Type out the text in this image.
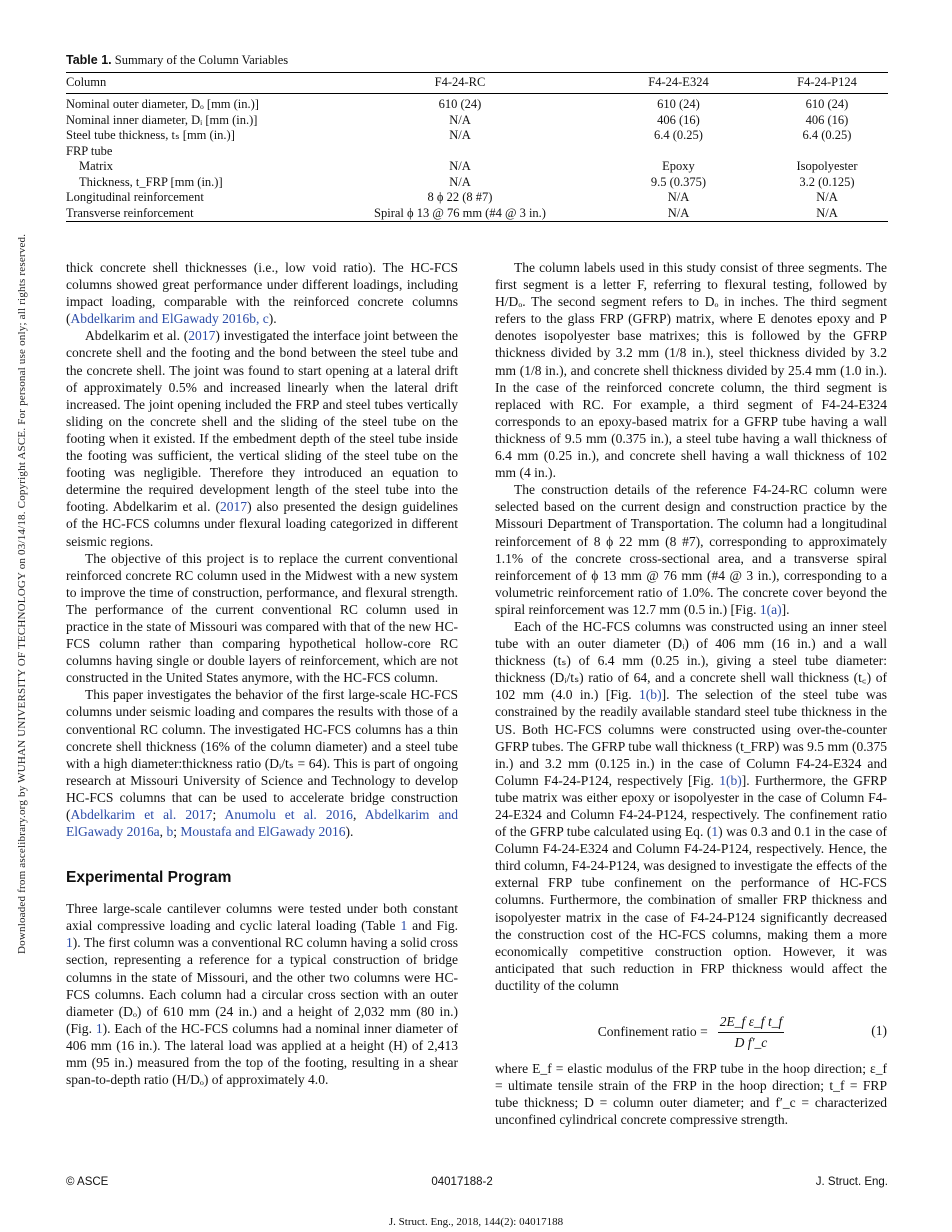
Downloaded from ascelibrary.org by WUHAN UNIVERSITY OF TECHNOLOGY on 03/14/18. Copyright ASCE. For personal use only; all rights reserved.
Table 1. Summary of the Column Variables
Column	F4-24-RC	F4-24-E324	F4-24-P124
Nominal outer diameter, Dₒ [mm (in.)]	610 (24)	610 (24)	610 (24)
Nominal inner diameter, Dᵢ [mm (in.)]	N/A	406 (16)	406 (16)
Steel tube thickness, tₛ [mm (in.)]	N/A	6.4 (0.25)	6.4 (0.25)
FRP tube			
Matrix	N/A	Epoxy	Isopolyester
Thickness, t_FRP [mm (in.)]	N/A	9.5 (0.375)	3.2 (0.125)
Longitudinal reinforcement	8 ϕ 22 (8 #7)	N/A	N/A
Transverse reinforcement	Spiral ϕ 13 @ 76 mm (#4 @ 3 in.)	N/A	N/A

thick concrete shell thicknesses (i.e., low void ratio). The HC-FCS columns showed great performance under different loadings, including impact loading, comparable with the reinforced concrete columns (Abdelkarim and ElGawady 2016b, c).

Abdelkarim et al. (2017) investigated the interface joint between the concrete shell and the footing and the bond between the steel tube and the concrete shell. The joint was found to start opening at a lateral drift of approximately 0.5% and increased linearly when the lateral drift increased. The joint opening included the FRP and steel tubes vertically sliding on the concrete shell and the sliding of the steel tube on the footing when it existed. If the embedment depth of the steel tube inside the footing was sufficient, the vertical sliding of the steel tube on the footing was negligible. Therefore they introduced an equation to determine the required development length of the steel tube into the footing. Abdelkarim et al. (2017) also presented the design guidelines of the HC-FCS columns under flexural loading categorized in different seismic regions.

The objective of this project is to replace the current conventional reinforced concrete RC column used in the Midwest with a new system to improve the time of construction, performance, and flexural strength. The performance of the current conventional RC column used in practice in the state of Missouri was compared with that of the new HC-FCS column rather than comparing hypothetical hollow-core RC columns having single or double layers of reinforcement, which are not constructed in the United States anymore, with the HC-FCS column.

This paper investigates the behavior of the first large-scale HC-FCS columns under seismic loading and compares the results with those of a conventional RC column. The investigated HC-FCS columns has a thin concrete shell thickness (16% of the column diameter) and a steel tube with a high diameter:thickness ratio (Dᵢ/tₛ = 64). This is part of ongoing research at Missouri University of Science and Technology to develop HC-FCS columns that can be used to accelerate bridge construction (Abdelkarim et al. 2017; Anumolu et al. 2016, Abdelkarim and ElGawady 2016a, b; Moustafa and ElGawady 2016).

Experimental Program

Three large-scale cantilever columns were tested under both constant axial compressive loading and cyclic lateral loading (Table 1 and Fig. 1). The first column was a conventional RC column having a solid cross section, representing a reference for a typical construction of bridge columns in the state of Missouri, and the other two columns were HC-FCS columns. Each column had a circular cross section with an outer diameter (Dₒ) of 610 mm (24 in.) and a height of 2,032 mm (80 in.) (Fig. 1). Each of the HC-FCS columns had a nominal inner diameter of 406 mm (16 in.). The lateral load was applied at a height (H) of 2,413 mm (95 in.) measured from the top of the footing, resulting in a shear span-to-depth ratio (H/Dₒ) of approximately 4.0.

The column labels used in this study consist of three segments. The first segment is a letter F, referring to flexural testing, followed by H/Dₒ. The second segment refers to Dₒ in inches. The third segment refers to the glass FRP (GFRP) matrix, where E denotes epoxy and P denotes isopolyester base matrixes; this is followed by the GFRP thickness divided by 3.2 mm (1/8 in.), steel thickness divided by 3.2 mm (1/8 in.), and concrete shell thickness divided by 25.4 mm (1.0 in.). In the case of the reinforced concrete column, the third segment is replaced with RC. For example, a third segment of F4-24-E324 corresponds to an epoxy-based matrix for a GFRP tube having a wall thickness of 9.5 mm (0.375 in.), a steel tube having a wall thickness of 6.4 mm (0.25 in.), and concrete shell having a wall thickness of 102 mm (4 in.).

The construction details of the reference F4-24-RC column were selected based on the current design and construction practice by the Missouri Department of Transportation. The column had a longitudinal reinforcement of 8 ϕ 22 mm (8 #7), corresponding to approximately 1.1% of the concrete cross-sectional area, and a transverse spiral reinforcement of ϕ 13 mm @ 76 mm (#4 @ 3 in.), corresponding to a volumetric reinforcement ratio of 1.0%. The concrete cover beyond the spiral reinforcement was 12.7 mm (0.5 in.) [Fig. 1(a)].

Each of the HC-FCS columns was constructed using an inner steel tube with an outer diameter (Dᵢ) of 406 mm (16 in.) and a wall thickness (tₛ) of 6.4 mm (0.25 in.), giving a steel tube diameter: thickness (Dᵢ/tₛ) ratio of 64, and a concrete shell wall thickness (t꜀) of 102 mm (4.0 in.) [Fig. 1(b)]. The selection of the steel tube was constrained by the readily available standard steel tube thickness in the US. Both HC-FCS columns were constructed using over-the-counter GFRP tubes. The GFRP tube wall thickness (t_FRP) was 9.5 mm (0.375 in.) and 3.2 mm (0.125 in.) in the case of Column F4-24-E324 and Column F4-24-P124, respectively [Fig. 1(b)]. Furthermore, the GFRP tube matrix was either epoxy or isopolyester in the case of Column F4-24-E324 and Column F4-24-P124, respectively. The confinement ratio of the GFRP tube calculated using Eq. (1) was 0.3 and 0.1 in the case of Column F4-24-E324 and Column F4-24-P124, respectively. Hence, the third column, F4-24-P124, was designed to investigate the effects of the external FRP tube confinement on the performance of HC-FCS columns. Furthermore, the combination of smaller FRP thickness and isopolyester matrix in the case of F4-24-P124 significantly decreased the construction cost of the HC-FCS columns, making them a more economically competitive construction option. However, it was anticipated that such reduction in FRP thickness would affect the ductility of the column

Confinement ratio = $\frac{\text{2E\_f ε\_f t\_f}}{\text{D f′\_c}}$	(1)

where E_f = elastic modulus of the FRP tube in the hoop direction; ε_f = ultimate tensile strain of the FRP in the hoop direction; t_f = FRP tube thickness; D = column outer diameter; and f′_c = characterized unconfined cylindrical concrete compressive strength.

© ASCE	04017188-2	J. Struct. Eng.
J. Struct. Eng., 2018, 144(2): 04017188
